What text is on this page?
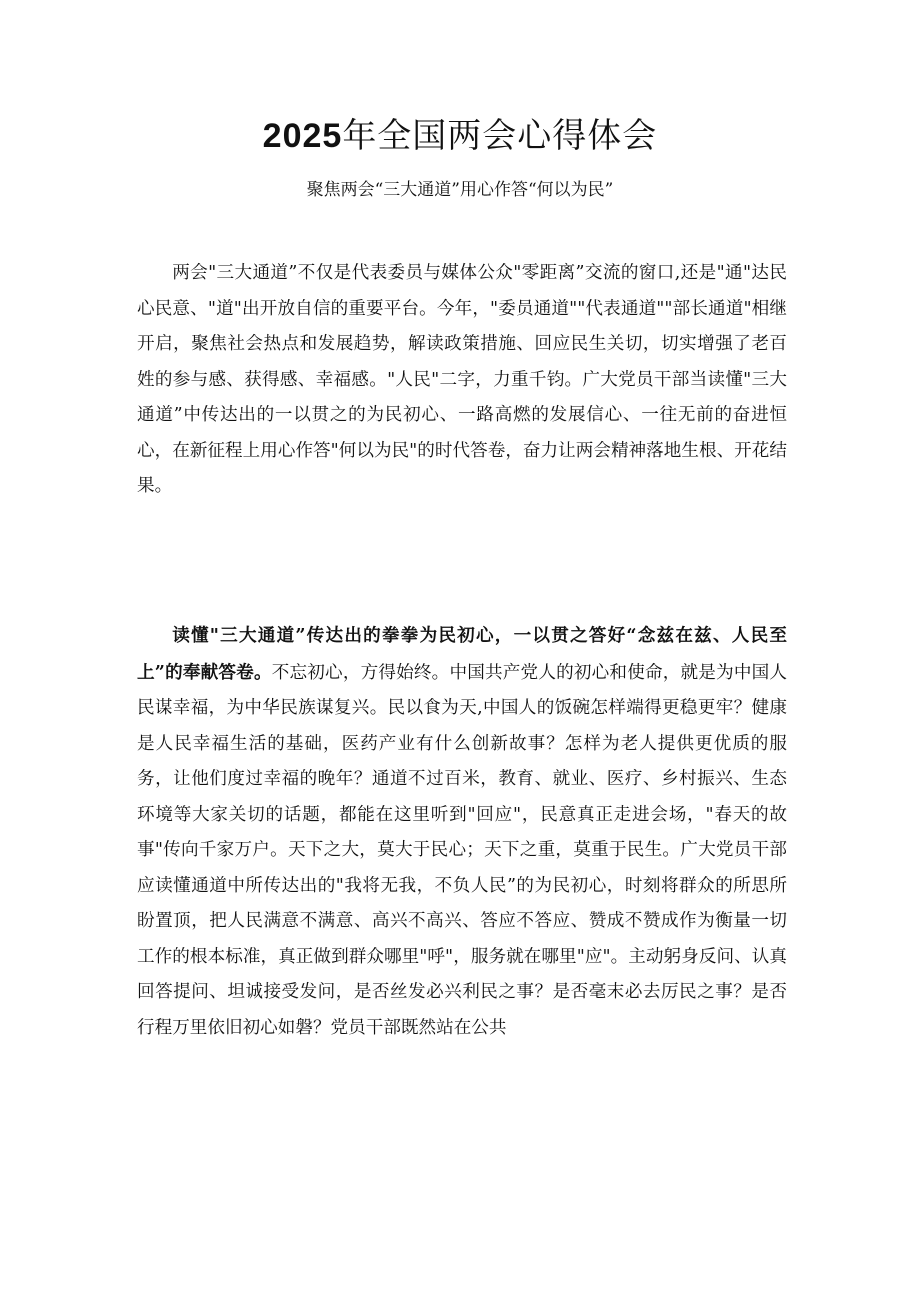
2025年全国两会心得体会

聚焦两会“三大通道”用心作答“何以为民”

两会"三大通道”不仅是代表委员与媒体公众"零距离”交流的窗口,还是"通"达民心民意、"道"出开放自信的重要平台。今年，"委员通道""代表通道""部长通道"相继开启，聚焦社会热点和发展趋势，解读政策措施、回应民生关切，切实增强了老百姓的参与感、获得感、幸福感。"人民"二字，力重千钧。广大党员干部当读懂"三大通道”中传达出的一以贯之的为民初心、一路高燃的发展信心、一往无前的奋进恒心，在新征程上用心作答"何以为民"的时代答卷，奋力让两会精神落地生根、开花结果。

读懂"三大通道”传达出的拳拳为民初心，一以贯之答好“念兹在兹、人民至上”的奉献答卷。不忘初心，方得始终。中国共产党人的初心和使命，就是为中国人民谋幸福，为中华民族谋复兴。民以食为天,中国人的饭碗怎样端得更稳更牢？健康是人民幸福生活的基础，医药产业有什么创新故事？怎样为老人提供更优质的服务，让他们度过幸福的晚年？通道不过百米，教育、就业、医疗、乡村振兴、生态环境等大家关切的话题，都能在这里听到"回应"，民意真正走进会场，"春天的故事"传向千家万户。天下之大，莫大于民心；天下之重，莫重于民生。广大党员干部应读懂通道中所传达出的"我将无我，不负人民”的为民初心，时刻将群众的所思所盼置顶，把人民满意不满意、高兴不高兴、答应不答应、赞成不赞成作为衡量一切工作的根本标准，真正做到群众哪里"呼"，服务就在哪里"应"。主动躬身反问、认真回答提问、坦诚接受发问，是否丝发必兴利民之事？是否毫末必去厉民之事？是否行程万里依旧初心如磐？党员干部既然站在公共
